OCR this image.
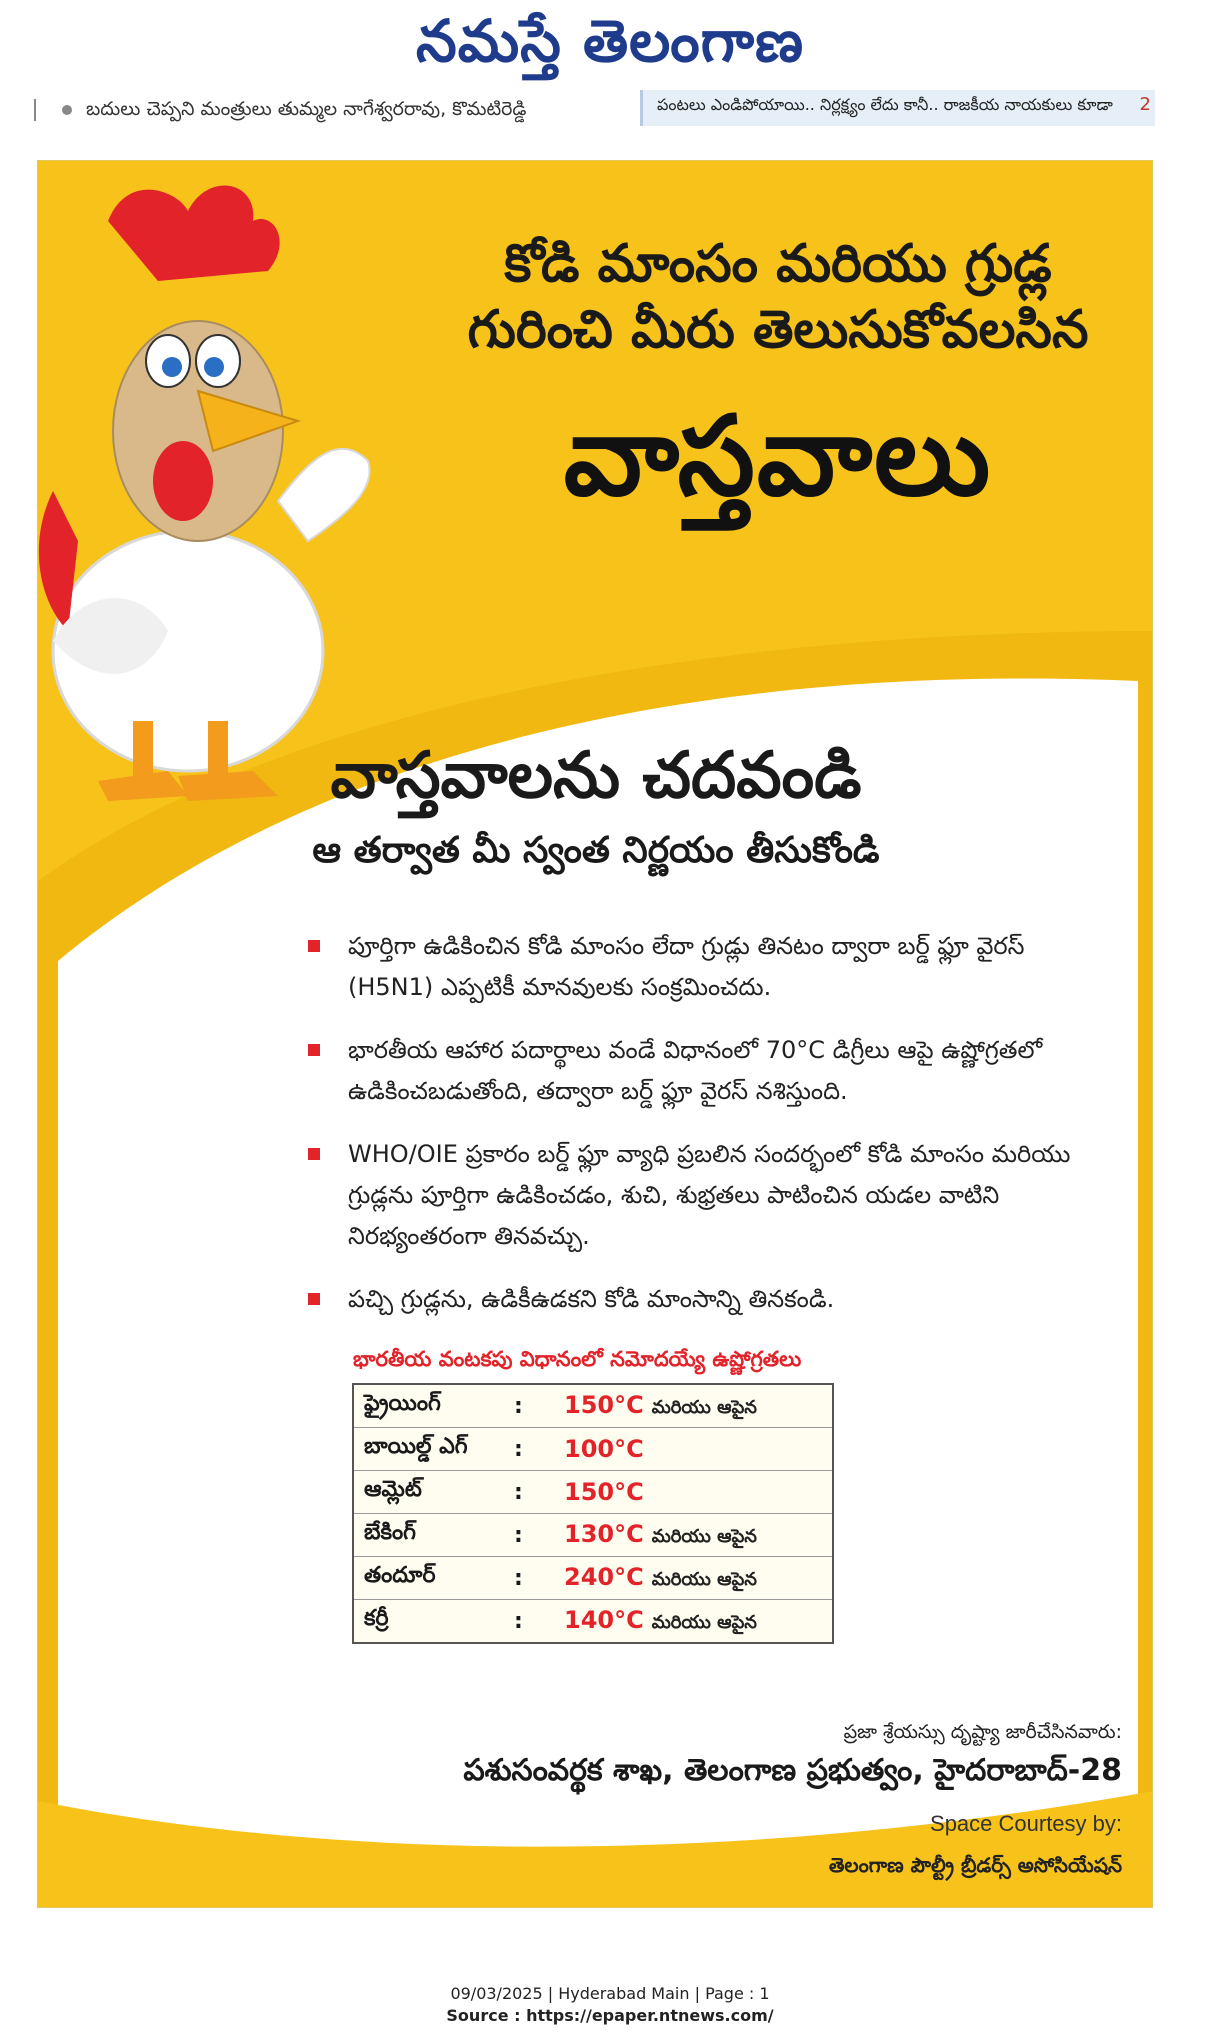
నమస్తే తెలంగాణ
బదులు చెప్పని మంత్రులు తుమ్మల నాగేశ్వరరావు, కొమటిరెడ్డి	పంటలు ఎండిపోయాయి.. నిర్లక్ష్యం లేదు కానీ.. రాజకీయ నాయకులు కూడా 2
కోడి మాంసం మరియు గ్రుడ్ల
గురించి మీరు తెలుసుకోవలసిన
వాస్తవాలు
వాస్తవాలను చదవండి
ఆ తర్వాత మీ స్వంత నిర్ణయం తీసుకోండి
పూర్తిగా ఉడికించిన కోడి మాంసం లేదా గ్రుడ్లు తినటం ద్వారా బర్డ్ ఫ్లూ వైరస్ (H5N1) ఎప్పటికీ మానవులకు సంక్రమించదు.
భారతీయ ఆహార పదార్థాలు వండే విధానంలో 70°C డిగ్రీలు ఆపై ఉష్ణోగ్రతలో ఉడికించబడుతోంది, తద్వారా బర్డ్ ఫ్లూ వైరస్ నశిస్తుంది.
WHO/OIE ప్రకారం బర్డ్ ఫ్లూ వ్యాధి ప్రబలిన సందర్భంలో కోడి మాంసం మరియు గ్రుడ్లను పూర్తిగా ఉడికించడం, శుచి, శుభ్రతలు పాటించిన యడల వాటిని నిరభ్యంతరంగా తినవచ్చు.
పచ్చి గ్రుడ్లను, ఉడికీఉడకని కోడి మాంసాన్ని తినకండి.
భారతీయ వంటకపు విధానంలో నమోదయ్యే ఉష్ణోగ్రతలు
ఫ్రైయింగ్	:	150°C మరియు ఆపైన
బాయిల్డ్ ఎగ్	:	100°C
ఆమ్లెట్	:	150°C
బేకింగ్	:	130°C మరియు ఆపైన
తందూర్	:	240°C మరియు ఆపైన
కర్రీ	:	140°C మరియు ఆపైన
ప్రజా శ్రేయస్సు దృష్ట్యా జారీచేసినవారు:
పశుసంవర్థక శాఖ, తెలంగాణ ప్రభుత్వం, హైదరాబాద్-28
Space Courtesy by:
తెలంగాణ పౌల్ట్రీ బ్రీడర్స్ అసోసియేషన్
09/03/2025 | Hyderabad Main | Page : 1
Source : https://epaper.ntnews.com/
